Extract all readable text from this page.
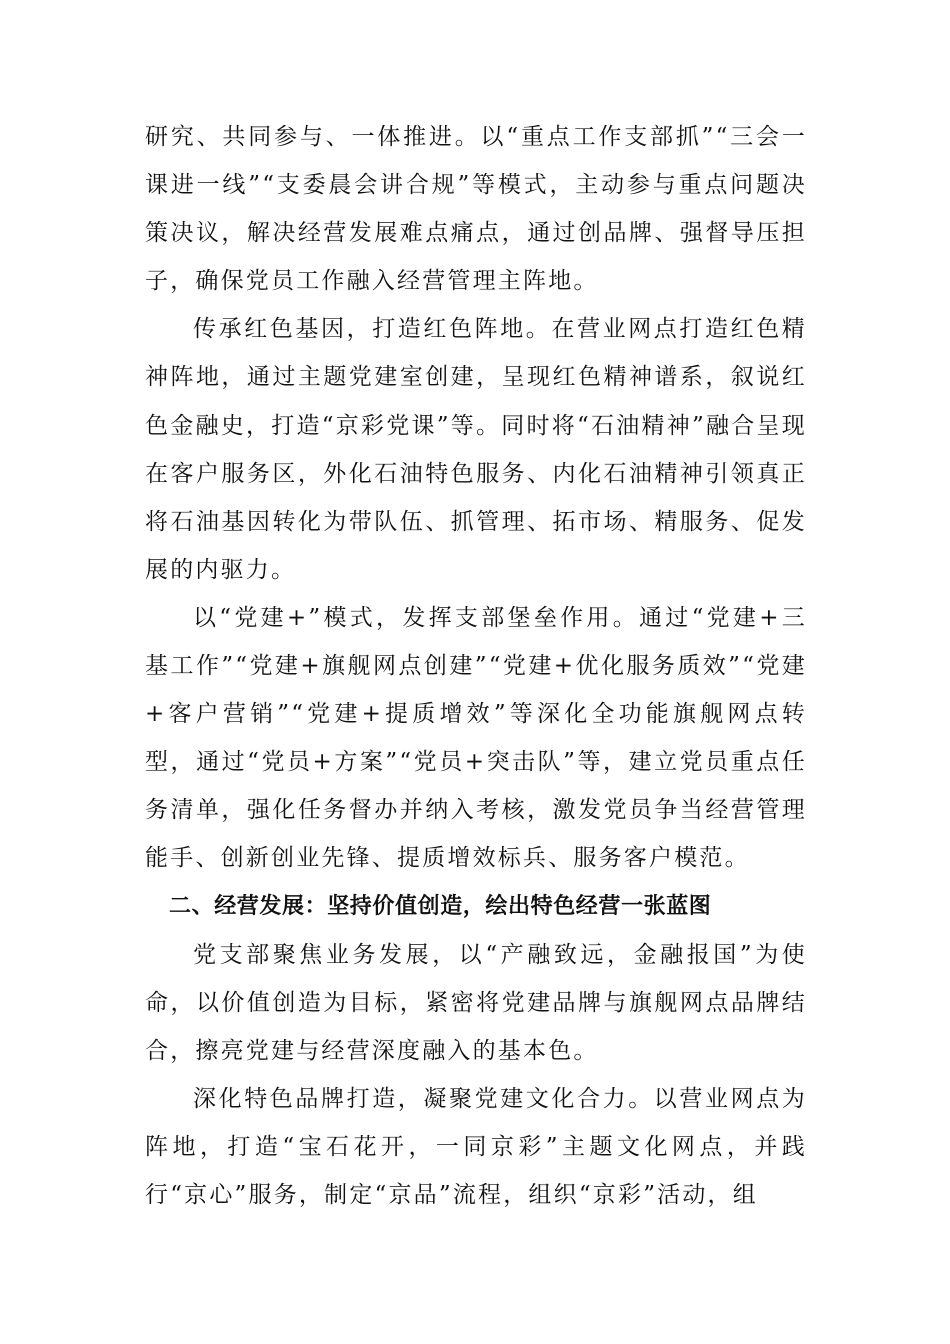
研究、共同参与、一体推进。以“重点工作支部抓”“三会一课进一线”“支委晨会讲合规”等模式，主动参与重点问题决策决议，解决经营发展难点痛点，通过创品牌、强督导压担子，确保党员工作融入经营管理主阵地。

传承红色基因，打造红色阵地。在营业网点打造红色精神阵地，通过主题党建室创建，呈现红色精神谱系，叙说红色金融史，打造“京彩党课”等。同时将“石油精神”融合呈现在客户服务区，外化石油特色服务、内化石油精神引领真正将石油基因转化为带队伍、抓管理、拓市场、精服务、促发展的内驱力。

以“党建+”模式，发挥支部堡垒作用。通过“党建+三基工作”“党建+旗舰网点创建”“党建+优化服务质效”“党建+客户营销”“党建+提质增效”等深化全功能旗舰网点转型，通过“党员+方案”“党员+突击队”等，建立党员重点任务清单，强化任务督办并纳入考核，激发党员争当经营管理能手、创新创业先锋、提质增效标兵、服务客户模范。

二、经营发展：坚持价值创造，绘出特色经营一张蓝图

党支部聚焦业务发展，以“产融致远，金融报国”为使命，以价值创造为目标，紧密将党建品牌与旗舰网点品牌结合，擦亮党建与经营深度融入的基本色。

深化特色品牌打造，凝聚党建文化合力。以营业网点为阵地，打造“宝石花开，一同京彩”主题文化网点，并践行“京心”服务，制定“京品”流程，组织“京彩”活动，组
